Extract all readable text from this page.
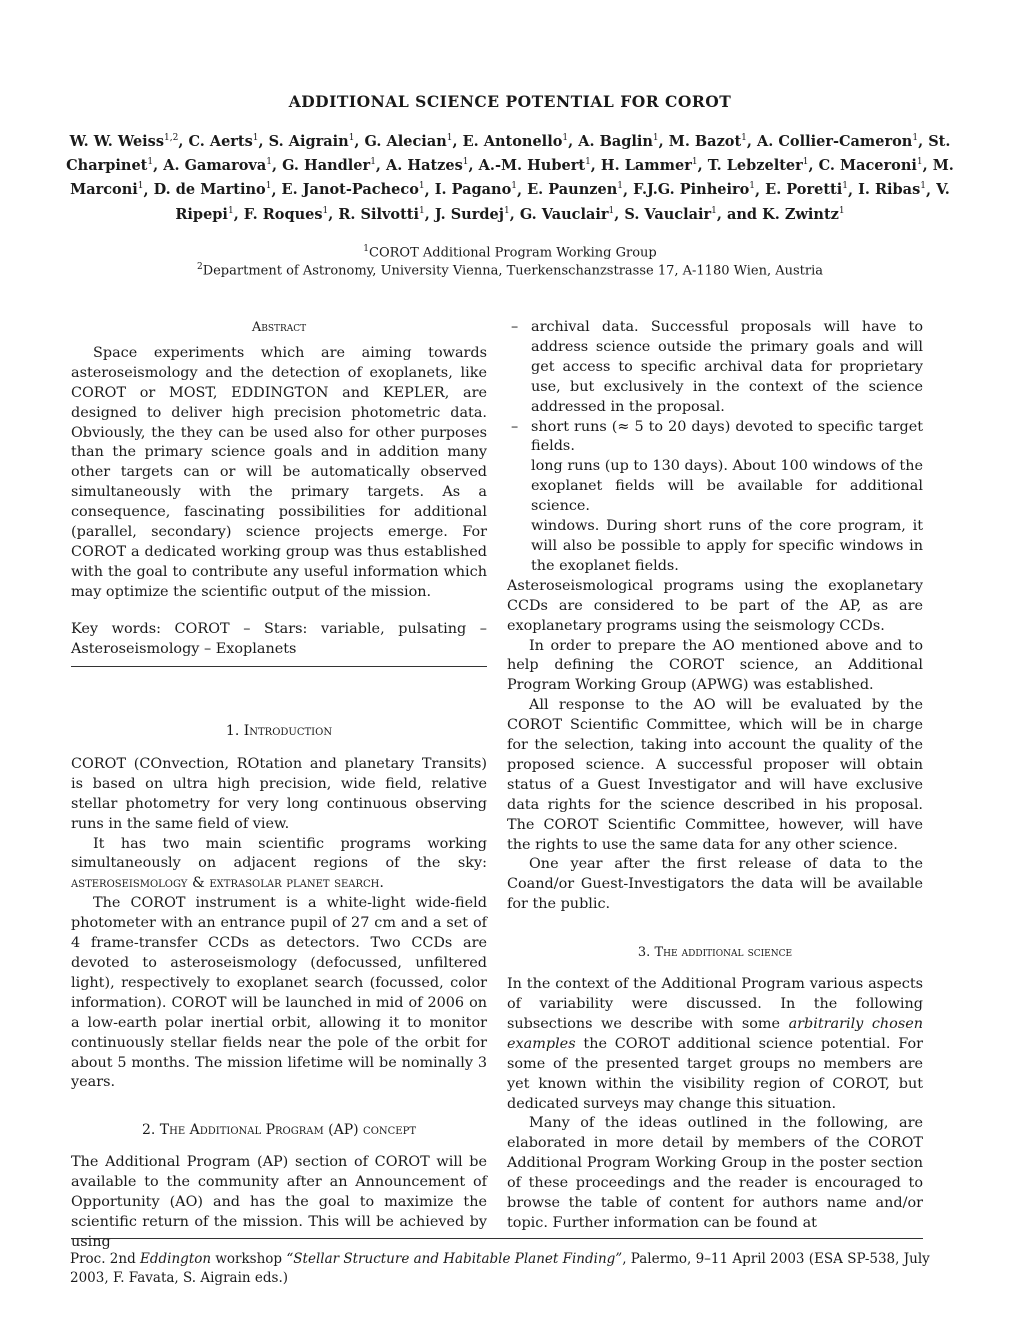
ADDITIONAL SCIENCE POTENTIAL FOR COROT
W. W. Weiss$^{1,2}$, C. Aerts$^1$, S. Aigrain$^1$, G. Alecian$^1$, E. Antonello$^1$, A. Baglin$^1$, M. Bazot$^1$, A. Collier-Cameron$^1$, St. Charpinet$^1$, A. Gamarova$^1$, G. Handler$^1$, A. Hatzes$^1$, A.-M. Hubert$^1$, H. Lammer$^1$, T. Lebzelter$^1$, C. Maceroni$^1$, M. Marconi$^1$, D. de Martino$^1$, E. Janot-Pacheco$^1$, I. Pagano$^1$, E. Paunzen$^1$, F.J.G. Pinheiro$^1$, E. Poretti$^1$, I. Ribas$^1$, V. Ripepi$^1$, F. Roques$^1$, R. Silvotti$^1$, J. Surdej$^1$, G. Vauclair$^1$, S. Vauclair$^1$, and K. Zwintz$^1$
$^1$COROT Additional Program Working Group
$^2$Department of Astronomy, University Vienna, Tuerkenschanzstrasse 17, A-1180 Wien, Austria

Abstract

Space experiments which are aiming towards asteroseismology and the detection of exoplanets, like COROT or MOST, EDDINGTON and KEPLER, are designed to deliver high precision photometric data. Obviously, the they can be used also for other purposes than the primary science goals and in addition many other targets can or will be automatically observed simultaneously with the primary targets. As a consequence, fascinating possibilities for additional (parallel, secondary) science projects emerge. For COROT a dedicated working group was thus established with the goal to contribute any useful information which may optimize the scientific output of the mission.

Key words: COROT – Stars: variable, pulsating – Asteroseismology – Exoplanets

1. Introduction

COROT (COnvection, ROtation and planetary Transits) is based on ultra high precision, wide field, relative stellar photometry for very long continuous observing runs in the same field of view.

It has two main scientific programs working simultaneously on adjacent regions of the sky: asteroseismology & extrasolar planet search.

The COROT instrument is a white-light wide-field photometer with an entrance pupil of 27 cm and a set of 4 frame-transfer CCDs as detectors. Two CCDs are devoted to asteroseismology (defocussed, unfiltered light), respectively to exoplanet search (focussed, color information). COROT will be launched in mid of 2006 on a low-earth polar inertial orbit, allowing it to monitor continuously stellar fields near the pole of the orbit for about 5 months. The mission lifetime will be nominally 3 years.

2. The Additional Program (AP) concept

The Additional Program (AP) section of COROT will be available to the community after an Announcement of Opportunity (AO) and has the goal to maximize the scientific return of the mission. This will be achieved by using

– archival data. Successful proposals will have to address science outside the primary goals and will get access to specific archival data for proprietary use, but exclusively in the context of the science addressed in the proposal.

– short runs (≈ 5 to 20 days) devoted to specific target fields.

long runs (up to 130 days). About 100 windows of the exoplanet fields will be available for additional science.

windows. During short runs of the core program, it will also be possible to apply for specific windows in the exoplanet fields.

Asteroseismological programs using the exoplanetary CCDs are considered to be part of the AP, as are exoplanetary programs using the seismology CCDs.

In order to prepare the AO mentioned above and to help defining the COROT science, an Additional Program Working Group (APWG) was established.

All response to the AO will be evaluated by the COROT Scientific Committee, which will be in charge for the selection, taking into account the quality of the proposed science. A successful proposer will obtain status of a Guest Investigator and will have exclusive data rights for the science described in his proposal. The COROT Scientific Committee, however, will have the rights to use the same data for any other science.

One year after the first release of data to the Coand/or Guest-Investigators the data will be available for the public.

3. The additional science

In the context of the Additional Program various aspects of variability were discussed. In the following subsections we describe with some arbitrarily chosen examples the COROT additional science potential. For some of the presented target groups no members are yet known within the visibility region of COROT, but dedicated surveys may change this situation.

Many of the ideas outlined in the following, are elaborated in more detail by members of the COROT Additional Program Working Group in the poster section of these proceedings and the reader is encouraged to browse the table of content for authors name and/or topic. Further information can be found at

Proc. 2nd Eddington workshop “Stellar Structure and Habitable Planet Finding”, Palermo, 9–11 April 2003 (ESA SP-538, July 2003, F. Favata, S. Aigrain eds.)
